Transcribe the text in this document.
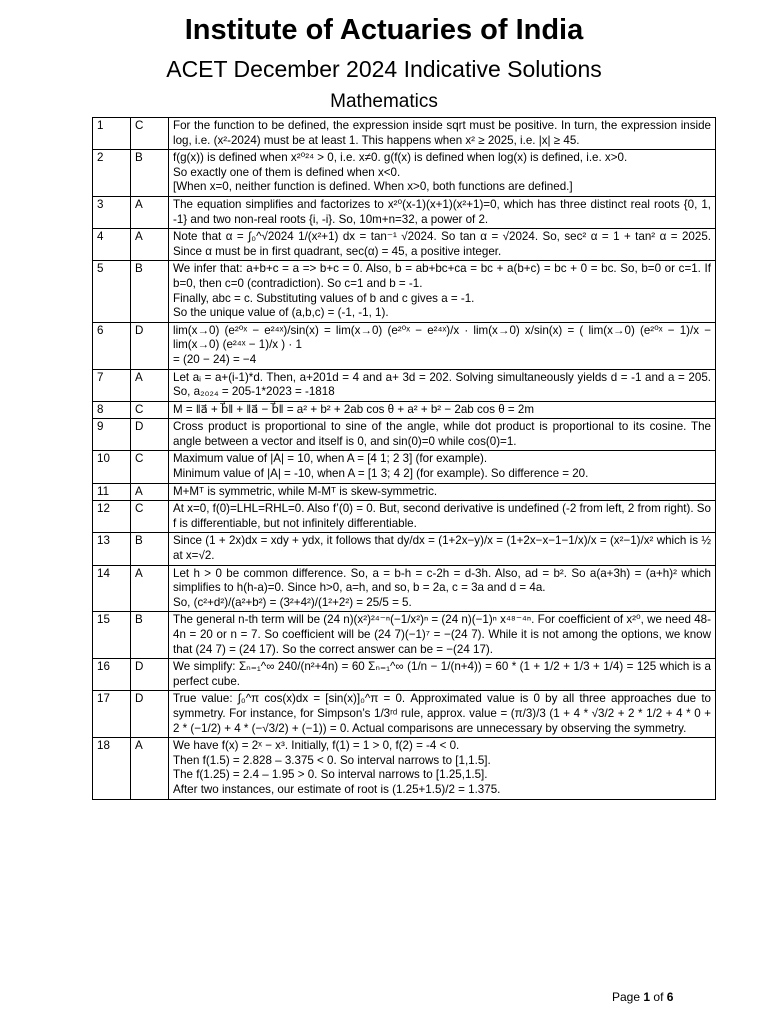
Institute of Actuaries of India
ACET December 2024 Indicative Solutions
Mathematics
1	C	For the function to be defined, the expression inside sqrt must be positive. In turn, the expression inside log, i.e. (x²-2024) must be at least 1. This happens when x² ≥ 2025, i.e. |x| ≥ 45.

2	B	f(g(x)) is defined when x²⁰²⁴ > 0, i.e. x≠0. g(f(x) is defined when log(x) is defined, i.e. x>0.
So exactly one of them is defined when x<0.
[When x=0, neither function is defined. When x>0, both functions are defined.]

3	A	The equation simplifies and factorizes to x²⁰(x-1)(x+1)(x²+1)=0, which has three distinct real roots {0, 1, -1} and two non-real roots {i, -i}. So, 10m+n=32, a power of 2.

4	A	Note that α = ∫₀^√2024 1/(x²+1) dx = tan⁻¹ √2024. So tan α = √2024. So, sec² α = 1 + tan² α = 2025. Since α must be in first quadrant, sec(α) = 45, a positive integer.

5	B	We infer that: a+b+c = a => b+c = 0. Also, b = ab+bc+ca = bc + a(b+c) = bc + 0 = bc. So, b=0 or c=1. If b=0, then c=0 (contradiction). So c=1 and b = -1.
Finally, abc = c. Substituting values of b and c gives a = -1.
So the unique value of (a,b,c) = (-1, -1, 1).

6	D	lim(x→0) (e²⁰ˣ − e²⁴ˣ)/sin(x) = lim(x→0) (e²⁰ˣ − e²⁴ˣ)/x · lim(x→0) x/sin(x) = ( lim(x→0) (e²⁰ˣ − 1)/x − lim(x→0) (e²⁴ˣ − 1)/x ) · 1
= (20 − 24) = −4

7	A	Let aᵢ = a+(i-1)*d. Then, a+201d = 4 and a+ 3d = 202. Solving simultaneously yields d = -1 and a = 205. So, a₂₀₂₄ = 205-1*2023 = -1818

8	C	M = ‖a⃗ + b⃗‖ + ‖a⃗ − b⃗‖ = a² + b² + 2ab cos θ + a² + b² − 2ab cos θ = 2m

9	D	Cross product is proportional to sine of the angle, while dot product is proportional to its cosine. The angle between a vector and itself is 0, and sin(0)=0 while cos(0)=1.

10	C	Maximum value of |A| = 10, when A = [4 1; 2 3] (for example).
Minimum value of |A| = -10, when A = [1 3; 4 2] (for example). So difference = 20.

11	A	M+Mᵀ is symmetric, while M-Mᵀ is skew-symmetric.

12	C	At x=0, f(0)=LHL=RHL=0. Also f’(0) = 0. But, second derivative is undefined (-2 from left, 2 from right). So f is differentiable, but not infinitely differentiable.

13	B	Since (1 + 2x)dx = xdy + ydx, it follows that dy/dx = (1+2x−y)/x = (1+2x−x−1−1/x)/x = (x²−1)/x² which is ½ at x=√2.

14	A	Let h > 0 be common difference. So, a = b-h = c-2h = d-3h. Also, ad = b². So a(a+3h) = (a+h)² which simplifies to h(h-a)=0. Since h>0, a=h, and so, b = 2a, c = 3a and d = 4a.
So, (c²+d²)/(a²+b²) = (3²+4²)/(1²+2²) = 25/5 = 5.

15	B	The general n-th term will be (24 n)(x²)²⁴⁻ⁿ(−1/x²)ⁿ = (24 n)(−1)ⁿ x⁴⁸⁻⁴ⁿ. For coefficient of x²⁰, we need 48-4n = 20 or n = 7. So coefficient will be (24 7)(−1)⁷ = −(24 7). While it is not among the options, we know that (24 7) = (24 17). So the correct answer can be = −(24 17).

16	D	We simplify: Σₙ₌₁^∞ 240/(n²+4n) = 60 Σₙ₌₁^∞ (1/n − 1/(n+4)) = 60 * (1 + 1/2 + 1/3 + 1/4) = 125 which is a perfect cube.

17	D	True value: ∫₀^π cos(x)dx = [sin(x)]₀^π = 0. Approximated value is 0 by all three approaches due to symmetry. For instance, for Simpson’s 1/3ʳᵈ rule, approx. value = (π/3)/3 (1 + 4 * √3/2 + 2 * 1/2 + 4 * 0 + 2 * (−1/2) + 4 * (−√3/2) + (−1)) = 0. Actual comparisons are unnecessary by observing the symmetry.

18	A	We have f(x) = 2ˣ − x³. Initially, f(1) = 1 > 0, f(2) = -4 < 0.
Then f(1.5) = 2.828 – 3.375 < 0. So interval narrows to [1,1.5].
The f(1.25) = 2.4 – 1.95 > 0. So interval narrows to [1.25,1.5].
After two instances, our estimate of root is (1.25+1.5)/2 = 1.375.
Page 1 of 6
